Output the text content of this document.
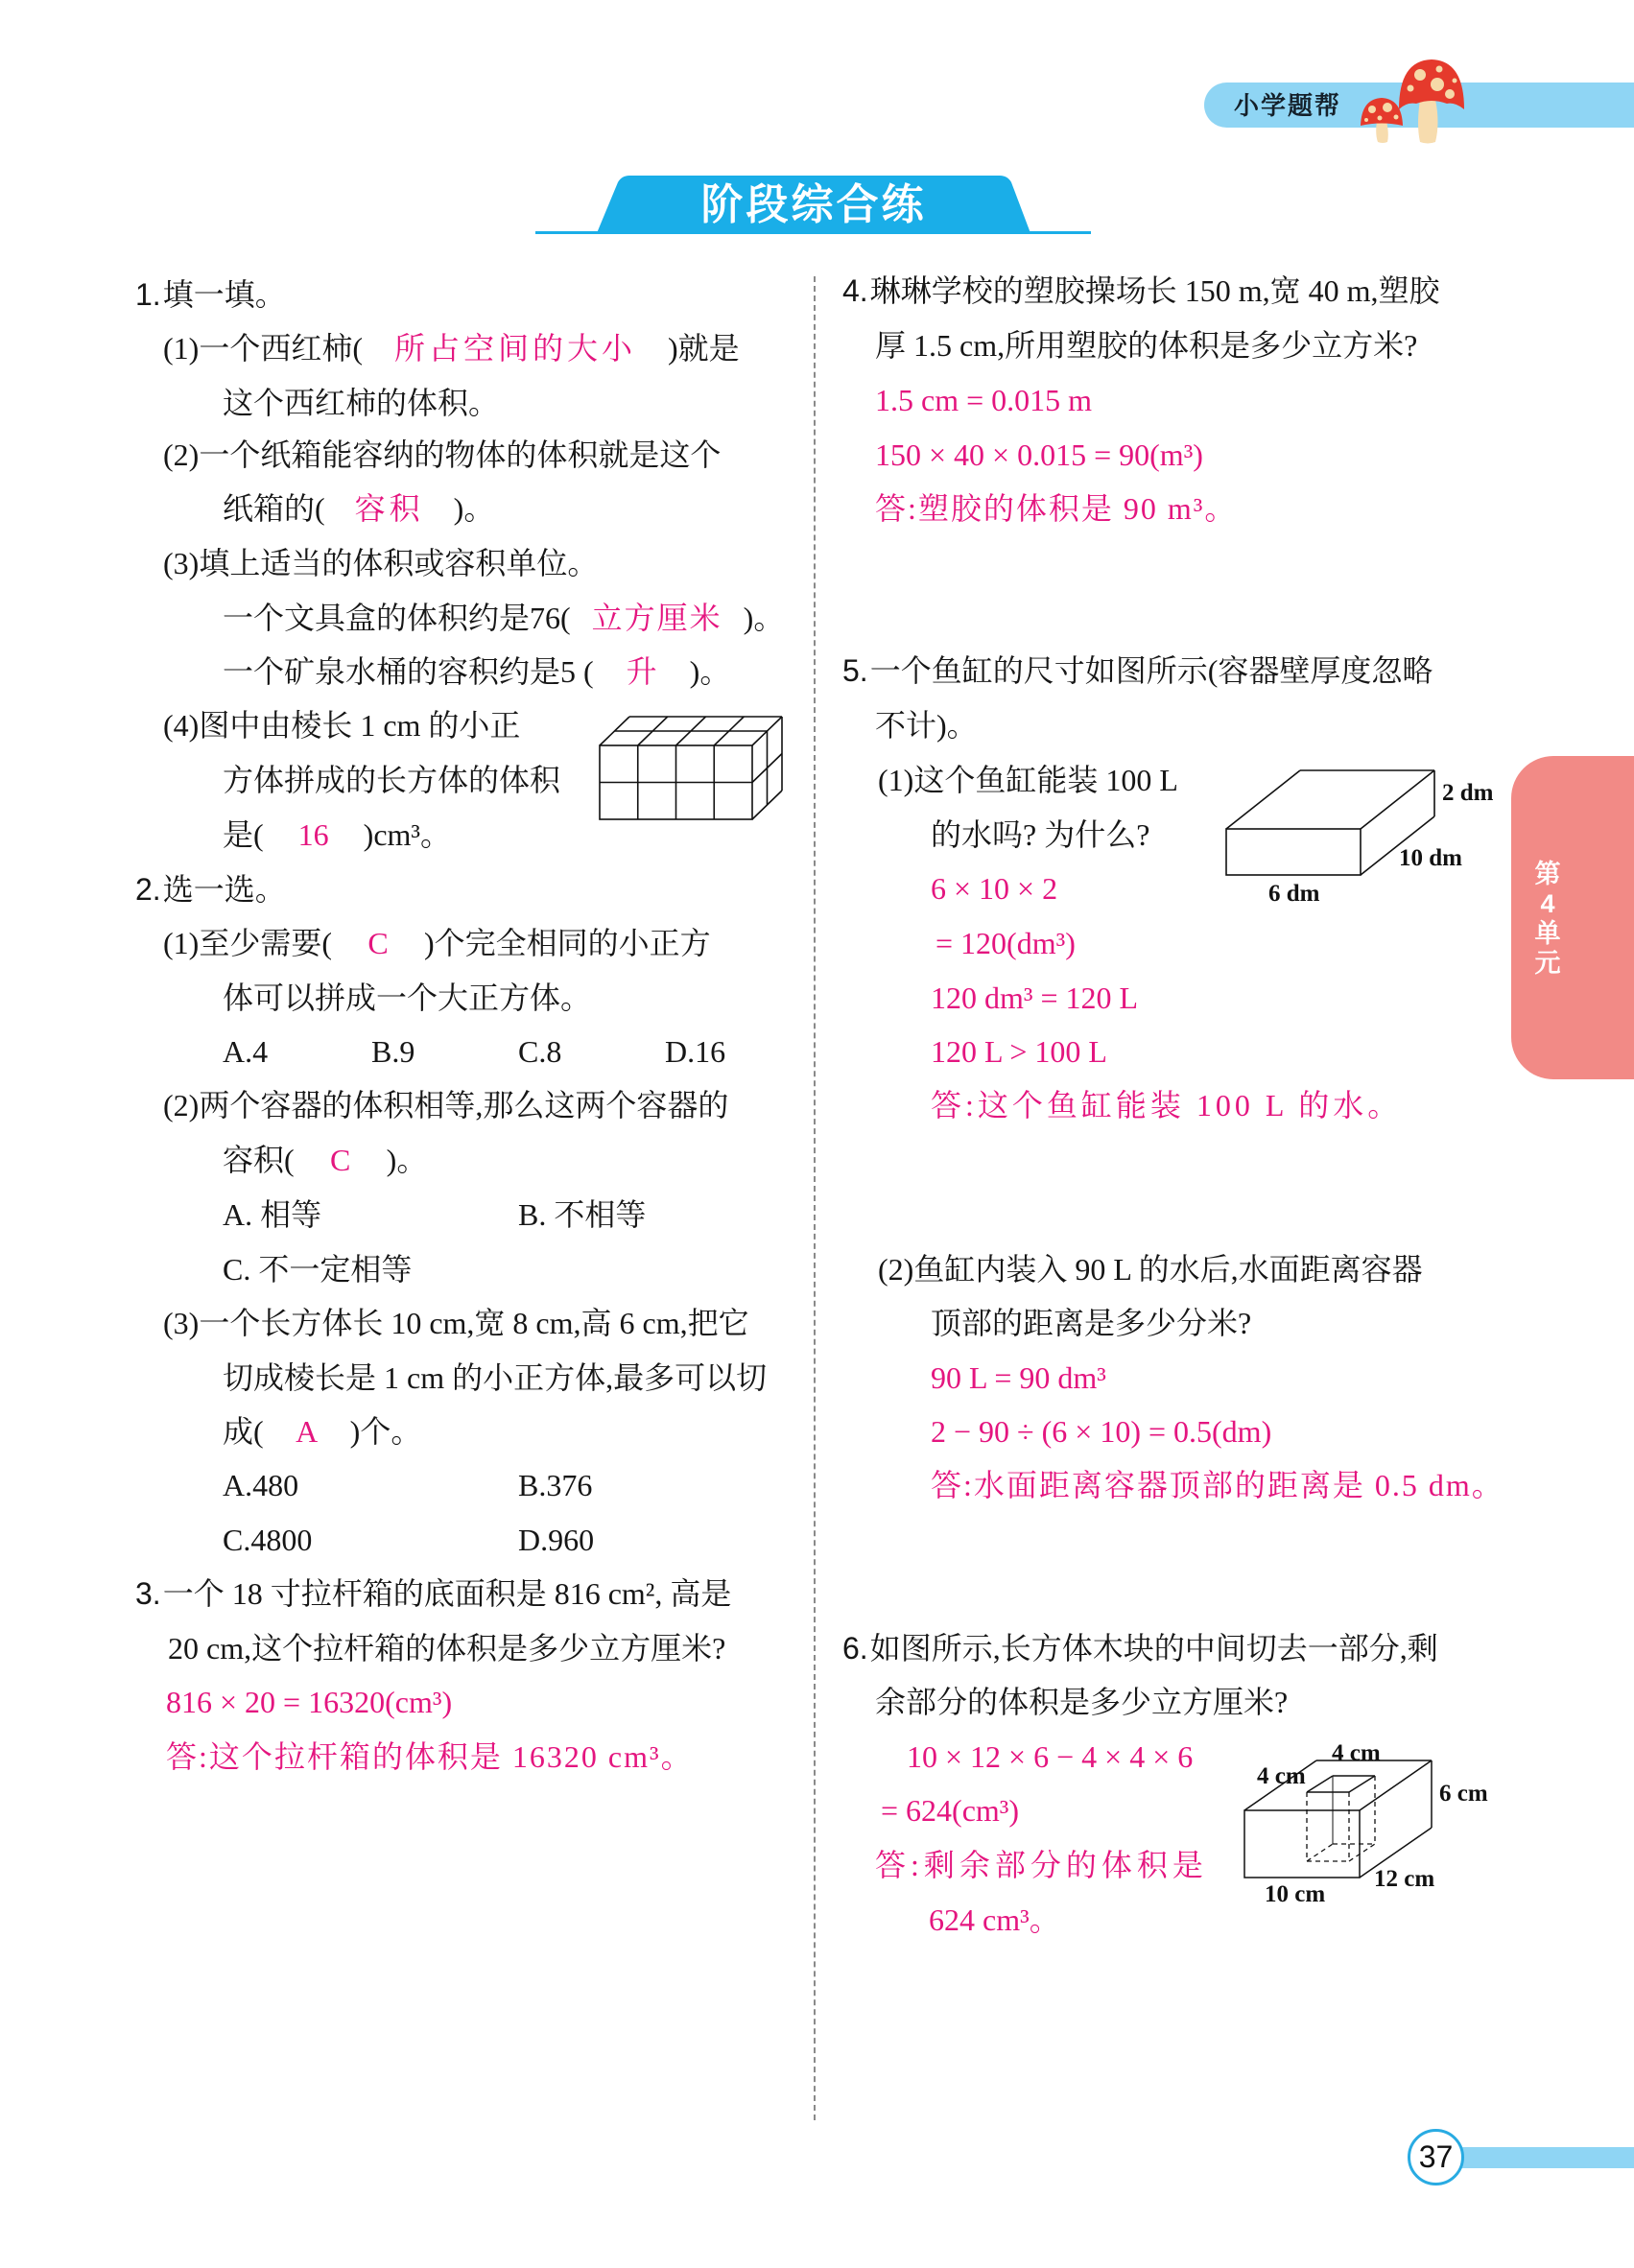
小学题帮
阶段综合练
第
4
单
元
37
1.填一填。
(1)一个西红柿( 所占空间的大小 )就是
这个西红柿的体积。
(2)一个纸箱能容纳的物体的体积就是这个
纸箱的( 容积 )。
(3)填上适当的体积或容积单位。
一个文具盒的体积约是76( 立方厘米 )。
一个矿泉水桶的容积约是5 ( 升 )。
(4)图中由棱长 1 cm 的小正
方体拼成的长方体的体积
是( 16 )cm³。
2.选一选。
(1)至少需要( C )个完全相同的小正方
体可以拼成一个大正方体。
A.4	B.9	C.8	D.16
(2)两个容器的体积相等,那么这两个容器的
容积( C )。
A. 相等	B. 不相等
C. 不一定相等
(3)一个长方体长 10 cm,宽 8 cm,高 6 cm,把它
切成棱长是 1 cm 的小正方体,最多可以切
成( A )个。
A.480	B.376
C.4800	D.960
3.一个 18 寸拉杆箱的底面积是 816 cm², 高是
20 cm,这个拉杆箱的体积是多少立方厘米?
816 × 20 = 16320(cm³)
答:这个拉杆箱的体积是 16320 cm³。
4.琳琳学校的塑胶操场长 150 m,宽 40 m,塑胶
厚 1.5 cm,所用塑胶的体积是多少立方米?
1.5 cm = 0.015 m
150 × 40 × 0.015 = 90(m³)
答:塑胶的体积是 90 m³。
5.一个鱼缸的尺寸如图所示(容器壁厚度忽略
不计)。
(1)这个鱼缸能装 100 L
的水吗? 为什么?
6 × 10 × 2
= 120(dm³)
120 dm³ = 120 L
120 L > 100 L
答:这个鱼缸能装 100 L 的水。
2 dm
10 dm
6 dm
(2)鱼缸内装入 90 L 的水后,水面距离容器
顶部的距离是多少分米?
90 L = 90 dm³
2 − 90 ÷ (6 × 10) = 0.5(dm)
答:水面距离容器顶部的距离是 0.5 dm。
6.如图所示,长方体木块的中间切去一部分,剩
余部分的体积是多少立方厘米?
10 × 12 × 6 − 4 × 4 × 6
= 624(cm³)
答:剩余部分的体积是
624 cm³。
4 cm
4 cm
6 cm
12 cm
10 cm
